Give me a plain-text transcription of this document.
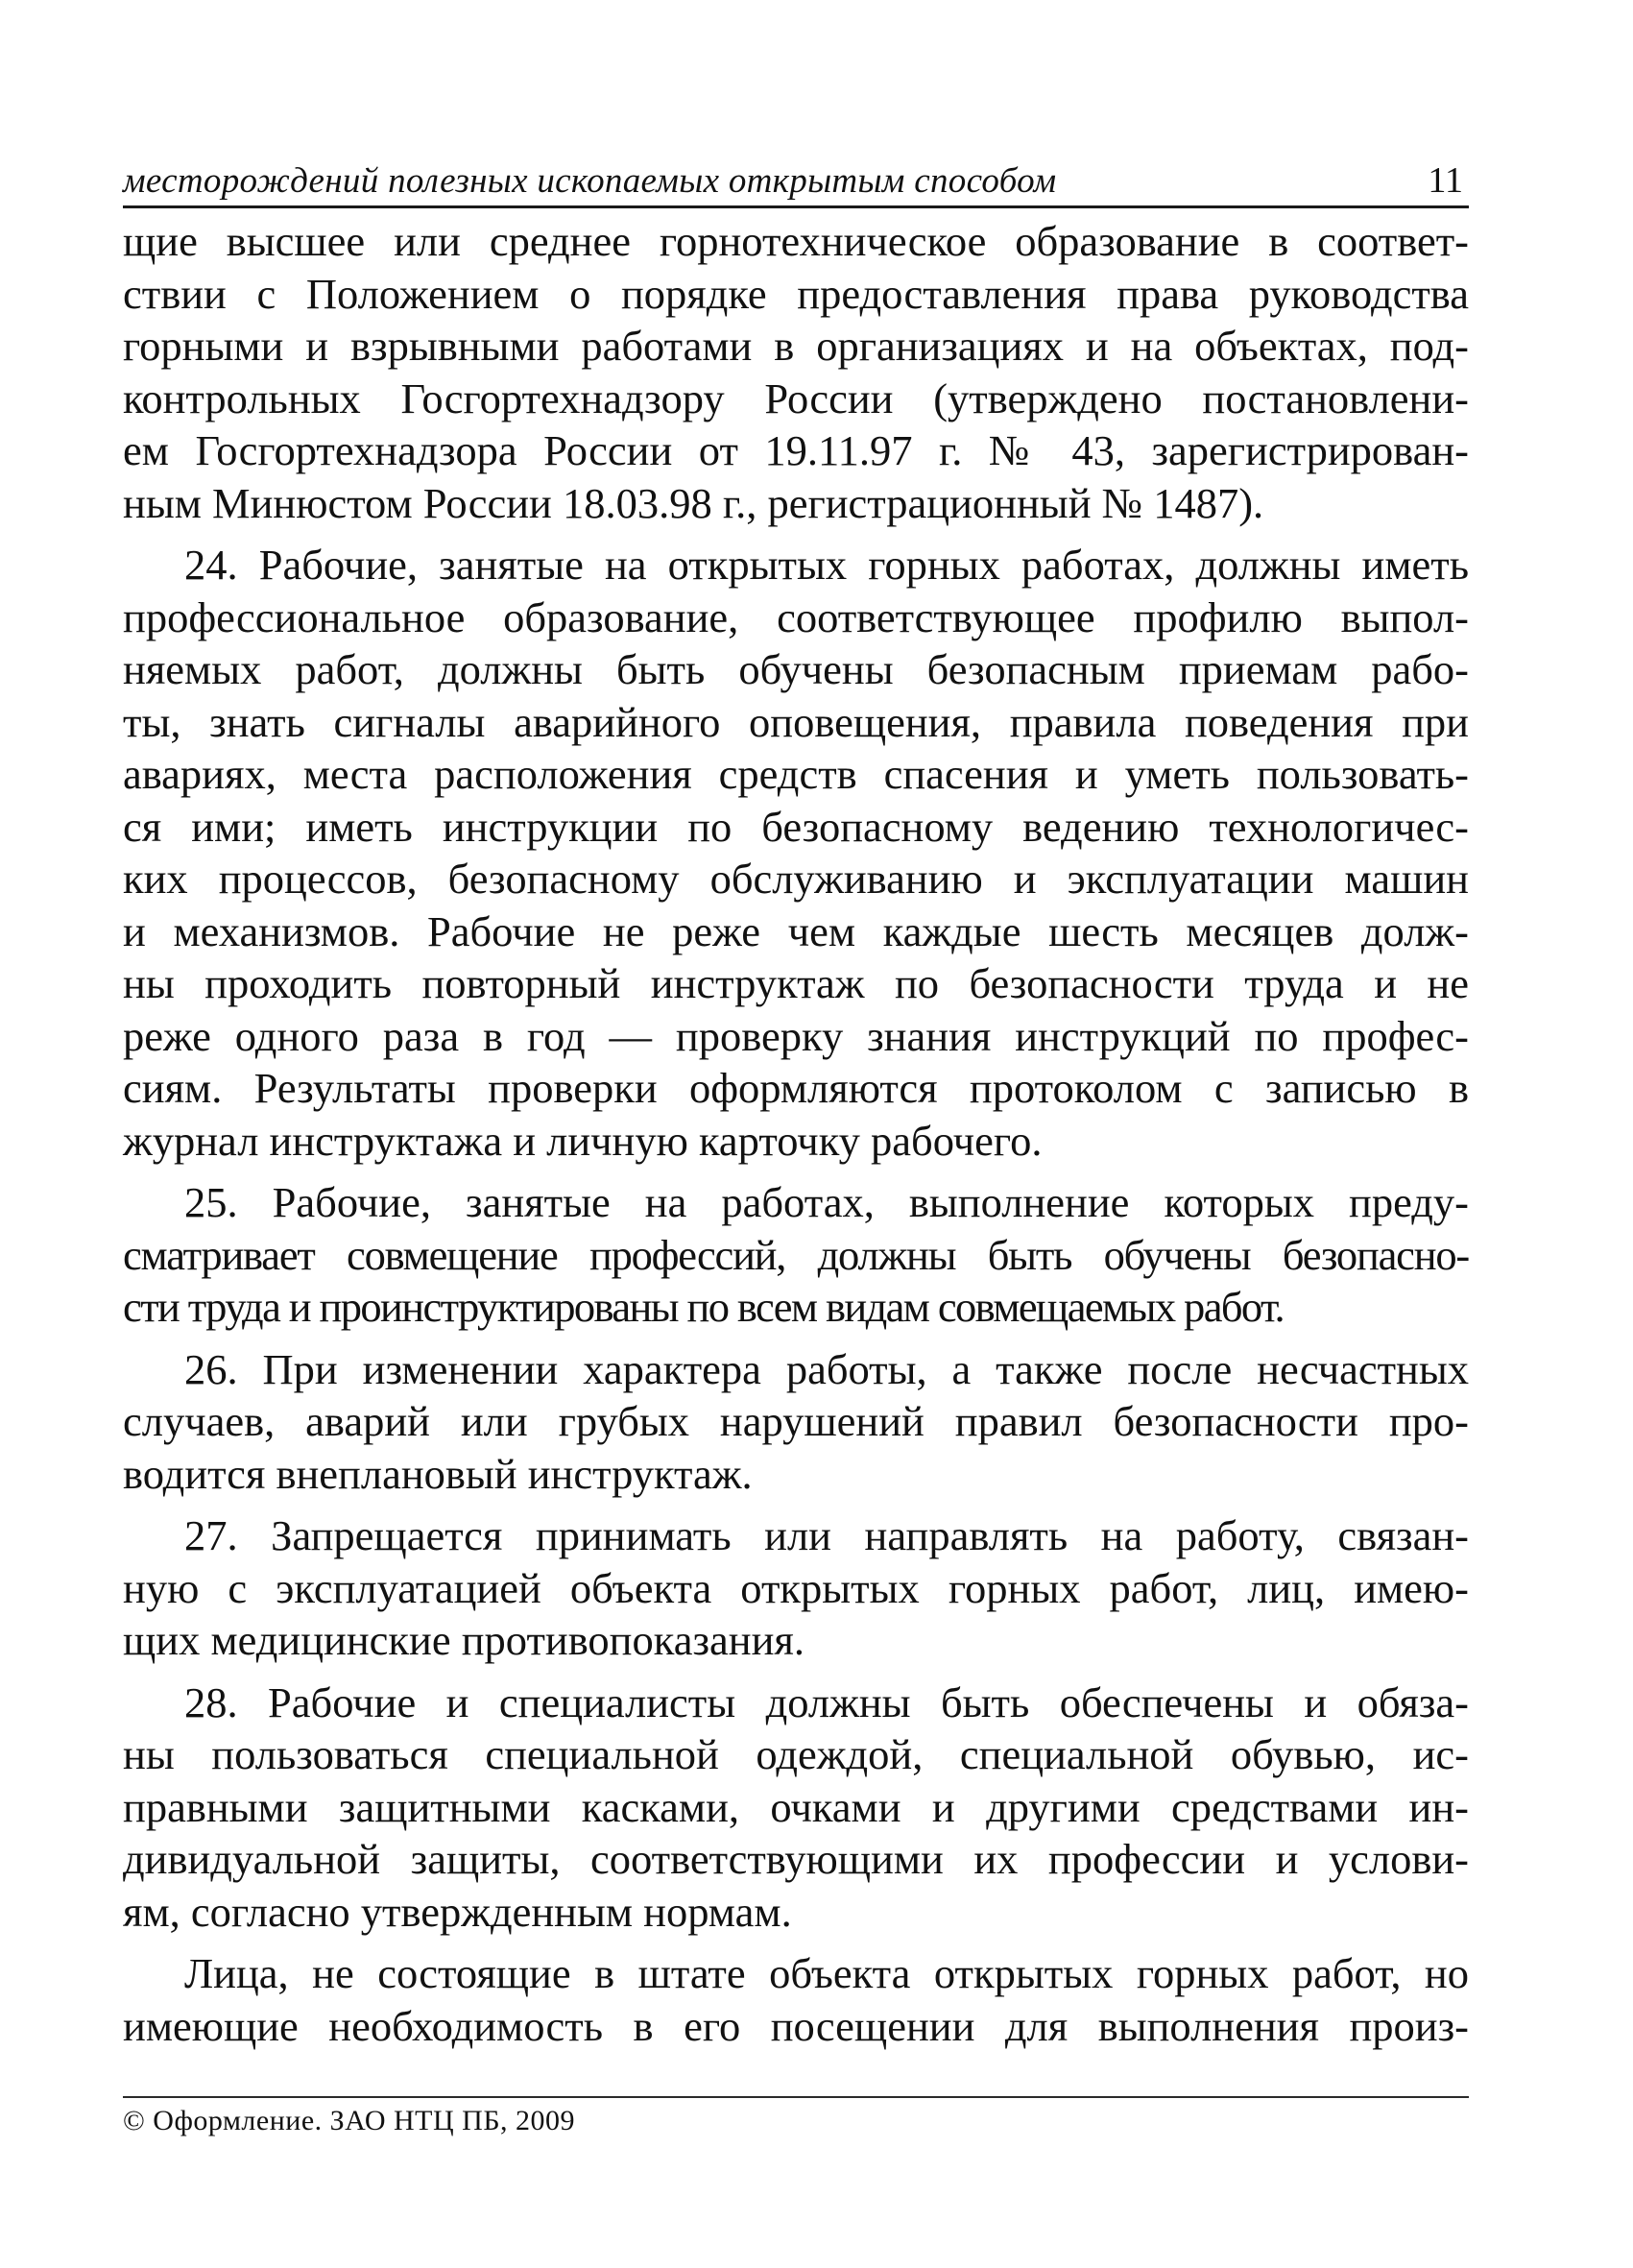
месторождений полезных ископаемых открытым способом	11
щие высшее или среднее горнотехническое образование в соответ-
ствии с Положением о порядке предоставления права руководства
горными и взрывными работами в организациях и на объектах, под-
контрольных Госгортехнадзору России (утверждено постановлени-
ем Госгортехнадзора России от 19.11.97 г. № 43, зарегистрирован-
ным Минюстом России 18.03.98 г., регистрационный № 1487).
24. Рабочие, занятые на открытых горных работах, должны иметь
профессиональное образование, соответствующее профилю выпол-
няемых работ, должны быть обучены безопасным приемам рабо-
ты, знать сигналы аварийного оповещения, правила поведения при
авариях, места расположения средств спасения и уметь пользовать-
ся ими; иметь инструкции по безопасному ведению технологичес-
ких процессов, безопасному обслуживанию и эксплуатации машин
и механизмов. Рабочие не реже чем каждые шесть месяцев долж-
ны проходить повторный инструктаж по безопасности труда и не
реже одного раза в год — проверку знания инструкций по профес-
сиям. Результаты проверки оформляются протоколом с записью в
журнал инструктажа и личную карточку рабочего.
25. Рабочие, занятые на работах, выполнение которых преду-
сматривает совмещение профессий, должны быть обучены безопасно-
сти труда и проинструктированы по всем видам совмещаемых работ.
26. При изменении характера работы, а также после несчастных
случаев, аварий или грубых нарушений правил безопасности про-
водится внеплановый инструктаж.
27. Запрещается принимать или направлять на работу, связан-
ную с эксплуатацией объекта открытых горных работ, лиц, имею-
щих медицинские противопоказания.
28. Рабочие и специалисты должны быть обеспечены и обяза-
ны пользоваться специальной одеждой, специальной обувью, ис-
правными защитными касками, очками и другими средствами ин-
дивидуальной защиты, соответствующими их профессии и услови-
ям, согласно утвержденным нормам.
Лица, не состоящие в штате объекта открытых горных работ, но
имеющие необходимость в его посещении для выполнения произ-
© Оформление. ЗАО НТЦ ПБ, 2009
